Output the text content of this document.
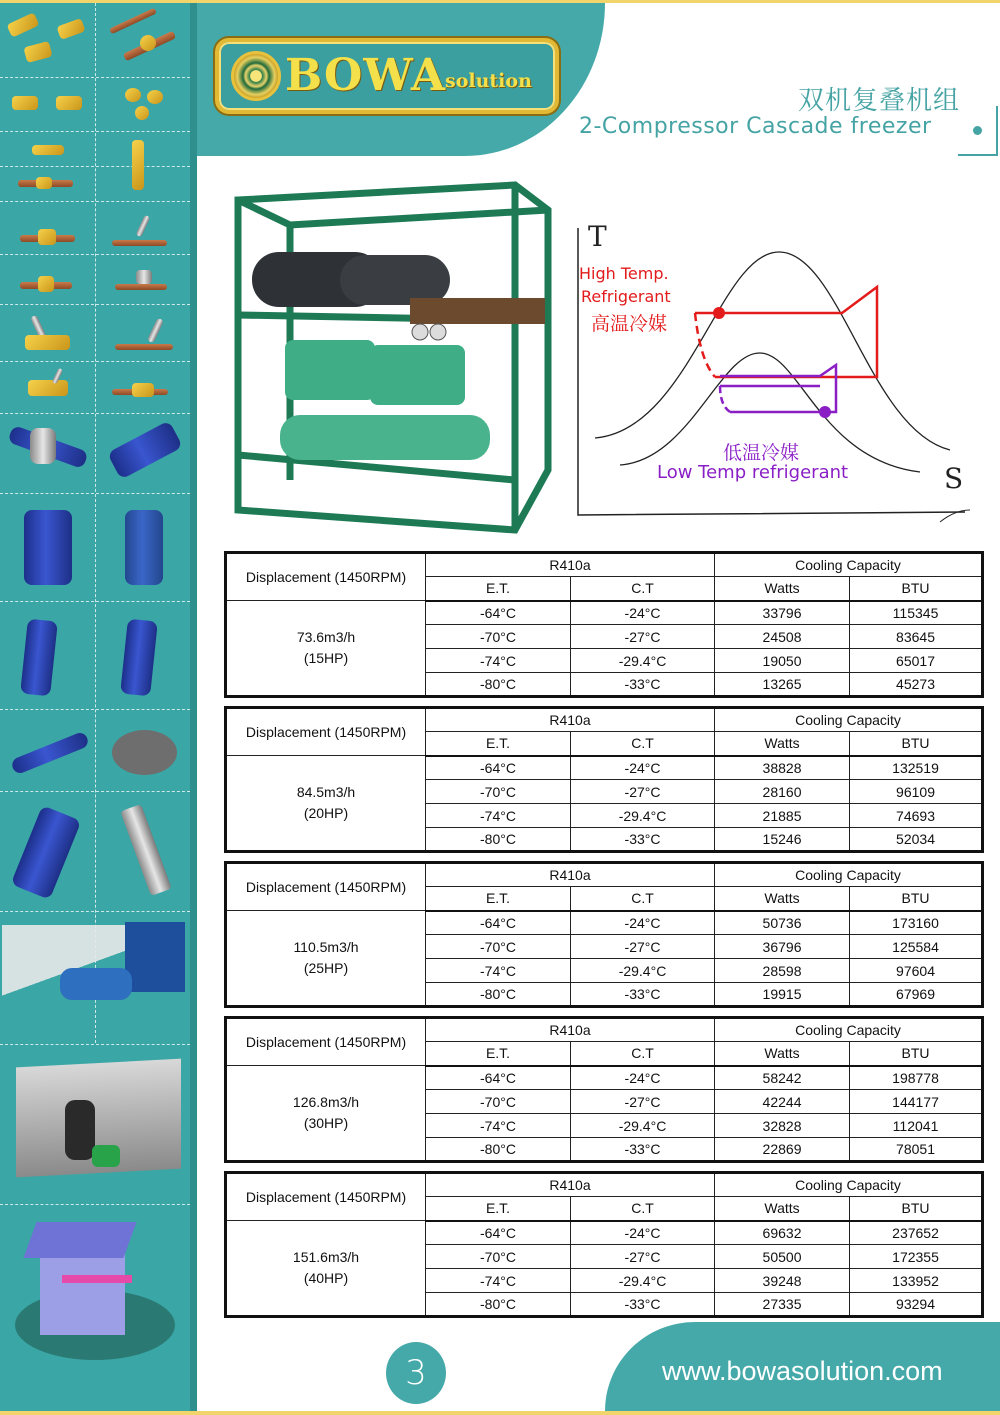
BOWA
solution
双机复叠机组
2-Compressor Cascade freezer
T
S
High Temp.
Refrigerant
高温冷媒
低温冷媒
Low Temp refrigerant
Displacement (1450RPM)	R410a		Cooling Capacity	
	E.T.	C.T	Watts	BTU
73.6m3/h
(15HP)	-64°C	-24°C	33796	115345
	-70°C	-27°C	24508	83645
	-74°C	-29.4°C	19050	65017
	-80°C	-33°C	13265	45273
Displacement (1450RPM)	R410a		Cooling Capacity	
	E.T.	C.T	Watts	BTU
84.5m3/h
(20HP)	-64°C	-24°C	38828	132519
	-70°C	-27°C	28160	96109
	-74°C	-29.4°C	21885	74693
	-80°C	-33°C	15246	52034
Displacement (1450RPM)	R410a		Cooling Capacity	
	E.T.	C.T	Watts	BTU
110.5m3/h
(25HP)	-64°C	-24°C	50736	173160
	-70°C	-27°C	36796	125584
	-74°C	-29.4°C	28598	97604
	-80°C	-33°C	19915	67969
Displacement (1450RPM)	R410a		Cooling Capacity	
	E.T.	C.T	Watts	BTU
126.8m3/h
(30HP)	-64°C	-24°C	58242	198778
	-70°C	-27°C	42244	144177
	-74°C	-29.4°C	32828	112041
	-80°C	-33°C	22869	78051
Displacement (1450RPM)	R410a		Cooling Capacity	
	E.T.	C.T	Watts	BTU
151.6m3/h
(40HP)	-64°C	-24°C	69632	237652
	-70°C	-27°C	50500	172355
	-74°C	-29.4°C	39248	133952
	-80°C	-33°C	27335	93294
3	www.bowasolution.com
